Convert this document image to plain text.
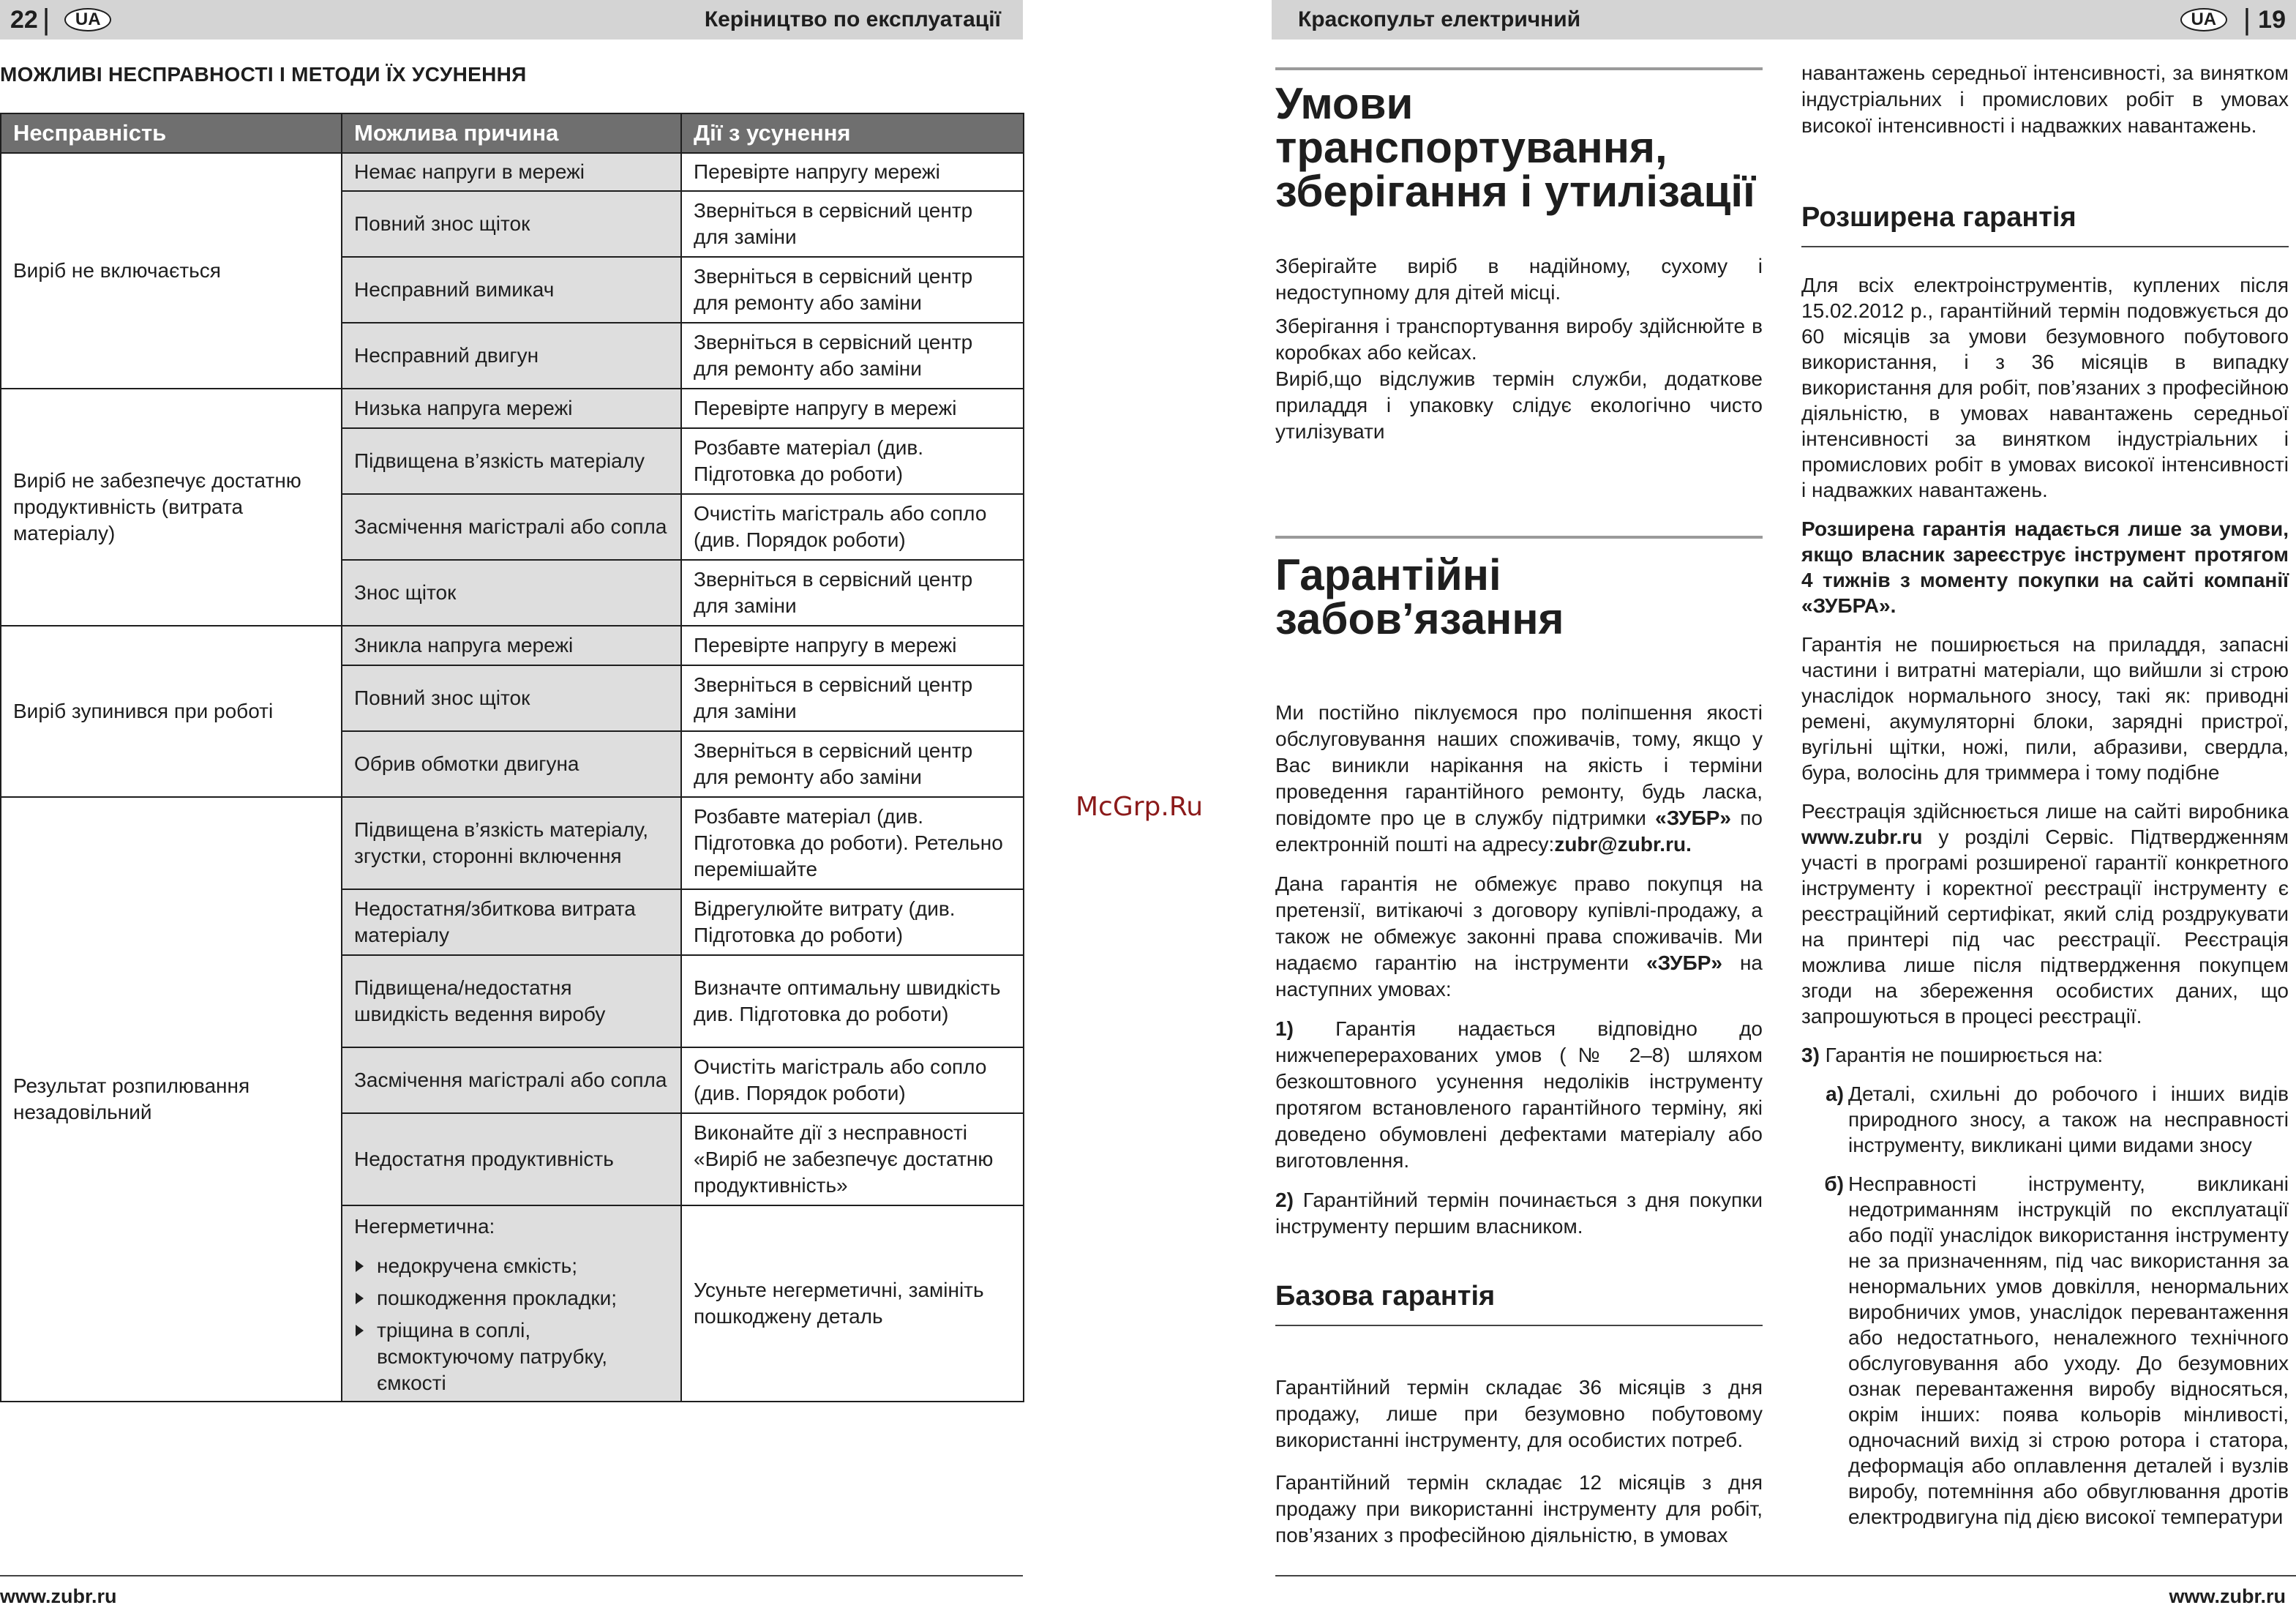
22 |	UA	Керіництво по експлуатації
МОЖЛИВІ НЕСПРАВНОСТІ І МЕТОДИ ЇХ УСУНЕННЯ
Несправність	Можлива причина	Дії з усунення
Виріб не включається	Немає напруги в мережі	Перевірте напругу мережі
	Повний знос щіток	Зверніться в сервісний центр для заміни
	Несправний вимикач	Зверніться в сервісний центр для ремонту або заміни
	Несправний двигун	Зверніться в сервісний центр для ремонту або заміни
Виріб не забезпечує достатню продуктивність (витрата матеріалу)	Низька напруга мережі	Перевірте напругу в мережі
	Підвищена в’язкість матеріалу	Розбавте матеріал (див. Підготовка до роботи)
	Засмічення магістралі або сопла	Очистіть магістраль або сопло (див. Порядок роботи)
	Знос щіток	Зверніться в сервісний центр для заміни
Виріб зупинився при роботі	Зникла напруга мережі	Перевірте напругу в мережі
	Повний знос щіток	Зверніться в сервісний центр для заміни
	Обрив обмотки двигуна	Зверніться в сервісний центр для ремонту або заміни
Результат розпилювання незадовільний	Підвищена в’язкість матеріалу, згустки, сторонні включення	Розбавте матеріал (див. Підготовка до роботи). Ретельно перемішайте
	Недостатня/збиткова витрата матеріалу	Відрегулюйте витрату (див. Підготовка до роботи)
	Підвищена/недостатня швидкість ведення виробу	Визначте оптимальну швидкість див. Підготовка до роботи)
	Засмічення магістралі або сопла	Очистіть магістраль або сопло (див. Порядок роботи)
	Недостатня продуктивність	Виконайте дії з несправності «Виріб не забезпечує достатню продуктивність»

	Негерметична:
недокручена ємкість;
пошкодження прокладки;
тріщина в соплі, всмоктуючому патрубку, ємкості	Усуньте негерметичні, замініть пошкоджену деталь
www.zubr.ru
McGrp.Ru
Краскопульт електричний	UA | 19
Умови транспортування, зберігання і утилізації

Зберігайте виріб в надійному, сухому і недоступному для дітей місці.

Зберігання і транспортування виробу здійснюйте в коробках або кейсах.

Виріб,що відслужив термін служби, додаткове приладдя і упаковку слідує екологічно чисто утилізувати

Гарантійні забов’язання

Ми постійно піклуємося про поліпшення якості обслуговування наших споживачів, тому, якщо у Вас виникли нарікання на якість і терміни проведення гарантійного ремонту, будь ласка, повідомте про це в службу підтримки «ЗУБР» по електронній пошті на адресу:zubr@zubr.ru.

Дана гарантія не обмежує право покупця на претензії, витікаючі з договору купівлі-продажу, а також не обмежує законні права споживачів. Ми надаємо гарантію на інструменти «ЗУБР» на наступних умовах:

1) Гарантія надається відповідно до нижчеперерахованих умов (№ 2–8) шляхом безкоштовного усунення недоліків інструменту протягом встановленого гарантійного терміну, які доведено обумовлені дефектами матеріалу або виготовлення.

2) Гарантійний термін починається з дня покупки інструменту першим власником.

Базова гарантія

Гарантійний термін складає 36 місяців з дня продажу, лише при безумовно побутовому використанні інструменту, для особистих потреб.

Гарантійний термін складає 12 місяців з дня продажу при використанні інструменту для робіт, пов’язаних з професійною діяльністю, в умовах

навантажень середньої інтенсивності, за винятком індустріальних і промислових робіт в умовах високої інтенсивності і надважких навантажень.

Розширена гарантія

Для всіх електроінструментів, куплених після 15.02.2012 р., гарантійний термін подовжується до 60 місяців за умови безумовного побутового використання, і з 36 місяців в випадку використання для робіт, пов’язаних з професійною діяльністю, в умовах навантажень середньої інтенсивності за винятком індустріальних і промислових робіт в умовах високої інтенсивності і надважких навантажень.

Розширена гарантія надається лише за умови, якщо власник зареєструє інструмент протягом 4 тижнів з моменту покупки на сайті компанії «ЗУБРА».

Гарантія не поширюється на приладдя, запасні частини і витратні матеріали, що вийшли зі строю унаслідок нормального зносу, такі як: приводні ремені, акумуляторні блоки, зарядні пристрої, вугільні щітки, ножі, пили, абразиви, свердла, бура, волосінь для триммера і тому подібне

Реєстрація здійснюється лише на сайті виробника www.zubr.ru у розділі Сервіс. Підтвердженням участі в програмі розширеної гарантії конкретного інструменту і коректної реєстрації інструменту є реєстраційний сертифікат, який слід роздрукувати на принтері під час реєстрації. Реєстрація можлива лише після підтвердження покупцем згоди на збереження особистих даних, що запрошуються в процесі реєстрації.

3) Гарантія не поширюється на:

а) Деталі, схильні до робочого і інших видів природного зносу, а також на несправності інструменту, викликані цими видами зносу
б) Несправності інструменту, викликані недотриманням інструкцій по експлуатації або події унаслідок використання інструменту не за призначенням, під час використання за ненормальних умов довкілля, ненормальних виробничих умов, унаслідок перевантаження або недостатнього, неналежного технічного обслуговування або уходу. До безумовних ознак перевантаження виробу відносяться, окрім інших: поява кольорів мінливості, одночасний вихід зі строю ротора і статора, деформація або оплавлення деталей і вузлів виробу, потемніння або обвуглювання дротів електродвигуна під дією високої температури
www.zubr.ru
